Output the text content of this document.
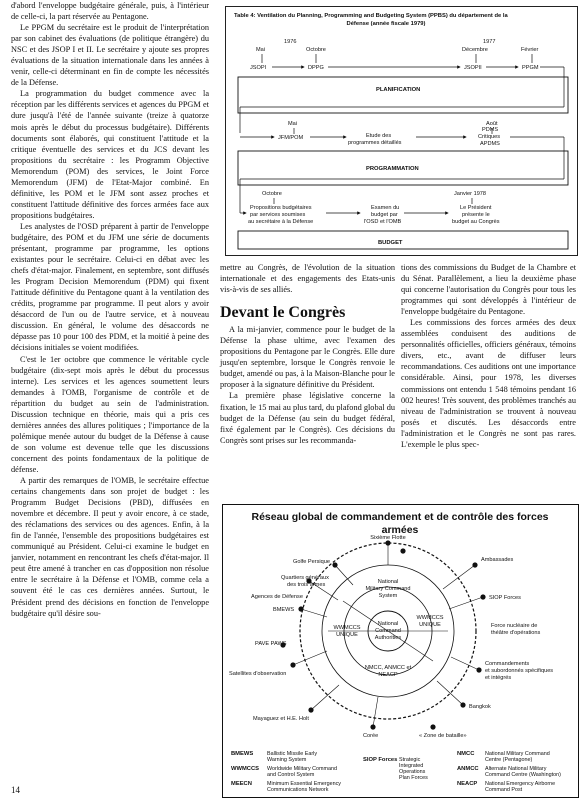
d'abord l'enveloppe budgétaire générale, puis, à l'intérieur de celle-ci, la part réservée au Pentagone.

Le PPGM du secrétaire est le produit de l'interprétation par son cabinet des évaluations (de politique étrangère) du NSC et des JSOP I et II. Le secrétaire y ajoute ses propres évaluations de la situation internationale dans les années à venir, celle-ci déterminant en fin de compte les nécessités de la Défense.

La programmation du budget commence avec la réception par les différents services et agences du PPGM et dure jusqu'à l'été de l'année suivante (treize à quatorze mois après le début du processus budgétaire). Différents documents sont élaborés, qui constituent l'attitude et la critique éventuelle des services et du JCS devant les propositions du secrétaire : les Programm Objective Memorendum (POM) des services, le Joint Force Memorendum (JFM) de l'Etat-Major combiné. En définitive, les POM et le JFM sont assez proches et constituent l'attitude définitive des forces armées face aux propositions budgétaires.

Les analystes de l'OSD préparent à partir de l'enveloppe budgétaire, des POM et du JFM une série de documents présentant, programme par programme, les options existantes pour le secrétaire. Celui-ci en débat avec les chefs d'état-major. Finalement, en septembre, sont diffusés les Program Decision Memorendum (PDM) qui fixent l'attitude définitive du Pentagone quant à la ventilation des crédits, programme par programme. Il peut alors y avoir désaccord de l'un ou de l'autre service, et à nouveau discussion. En général, le volume des désaccords ne dépasse pas 10 pour 100 des PDM, et la moitié à peine des décisions initiales se voient modifiées.

C'est le 1er octobre que commence le véritable cycle budgétaire (dix-sept mois après le début du processus interne). Les services et les agences soumettent leurs demandes à l'OMB, l'organisme de contrôle et de répartition du budget au sein de l'administration. Discussion technique en théorie, mais qui a pris ces dernières années des allures politiques ; l'importance de la polémique menée autour du budget de la Défense à cause de son volume est devenue telle que les discussions concernent des points fondamentaux de la politique de défense.

A partir des remarques de l'OMB, le secrétaire effectue certains changements dans son projet de budget : les Programm Budget Decisions (PBD), diffusées en novembre et décembre. Il peut y avoir encore, à ce stade, des réclamations des services ou des agences. Enfin, à la fin de l'année, l'ensemble des propositions budgétaires est communiqué au Président. Celui-ci examine le budget en janvier, notamment en rencontrant les chefs d'état-major. Il peut être amené à trancher en cas d'opposition non résolue entre le secrétaire à la Défense et l'OMB, comme cela a souvent été le cas ces dernières années. Surtout, le Président prend des décisions en fonction de l'enveloppe budgétaire qu'il désire sou-

Table 4: Ventilation du Planning, Programming and Budgeting System (PPBS) du département de la
Défense (année fiscale 1979)
1976	1977
Mai	Octobre	Décembre	Février
JSOPI	DPPG	JSOPII	PPGM
PLANIFICATION
Mai	Août
JFM/POM	Etude des
programmes détaillés
PDMS
Critiques
APDMS
PROGRAMMATION
Octobre	Janvier 1978
Propositions budgétaires
par services soumises
au secrétaire à la Défense
Examen du
budget par
l'OSD et l'OMB
Le Président
présente le
budget au Congrès
BUDGET

mettre au Congrès, de l'évolution de la situation internationale et des engagements des Etats-unis vis-à-vis de ses alliés.

Devant le Congrès

A la mi-janvier, commence pour le budget de la Défense la phase ultime, avec l'examen des propositions du Pentagone par le Congrès. Elle dure jusqu'en septembre, lorsque le Congrès renvoie le budget, amendé ou pas, à la Maison-Blanche pour le proposer à la signature définitive du Président.

La première phase législative concerne la fixation, le 15 mai au plus tard, du plafond global du budget de la Défense (au sein du budget fédéral, fixé également par le Congrès). Ces décisions du Congrès sont prises sur les recommanda-

tions des commissions du Budget de la Chambre et du Sénat. Parallèlement, a lieu la deuxième phase qui concerne l'autorisation du Congrès pour tous les programmes qui sont développés à l'intérieur de l'enveloppe budgétaire du Pentagone.

Les commissions des forces armées des deux assemblées conduisent des auditions de personnalités officielles, officiers généraux, témoins divers, etc., avant de diffuser leurs recommandations. Ces auditions ont une importance considérable. Ainsi, pour 1978, les diverses commissions ont entendu 1 548 témoins pendant 16 002 heures! Très souvent, des problèmes tranchés au niveau de l'administration se trouvent à nouveau posés et discutés. Les désaccords entre l'administration et le Congrès ne sont pas rares. L'exemple le plus spec-

Réseau global de commandement et de contrôle des forces
armées
Sixième Flotte
Golfe Persique
Quartiers généraux
des trois armes
Agences de Défense
BMEWS
PAVE PAWS
Satellites d'observation
Mayaguez et H.E. Holt
Ambassades
SIOP Forces
Force nucléaire de
théâtre d'opérations
Commandements
et subordonnés spécifiques
et intégrés
Bangkok
« Zone de bataille»
Corée
National
Military Command
System
National
Command
Authorities
WWMCCS
UNIQUE
WWMCCS
UNIQUE
NMCC, ANMCC et
NEACP
BMEWS	Ballistic Missile Early
Warning System
WWMCCS Worldwide Military Command
and Control System
MEECN	Minimum Essential Emergency
Communications Network
SIOP Forces Strategic
Integrated
Operations
Plan Forces
NMCC National Military Command
Centre (Pentagone)
ANMCC Alternate National Military
Command Centre (Washington)
NEACP National Emergency Airborne
Command Post
14
